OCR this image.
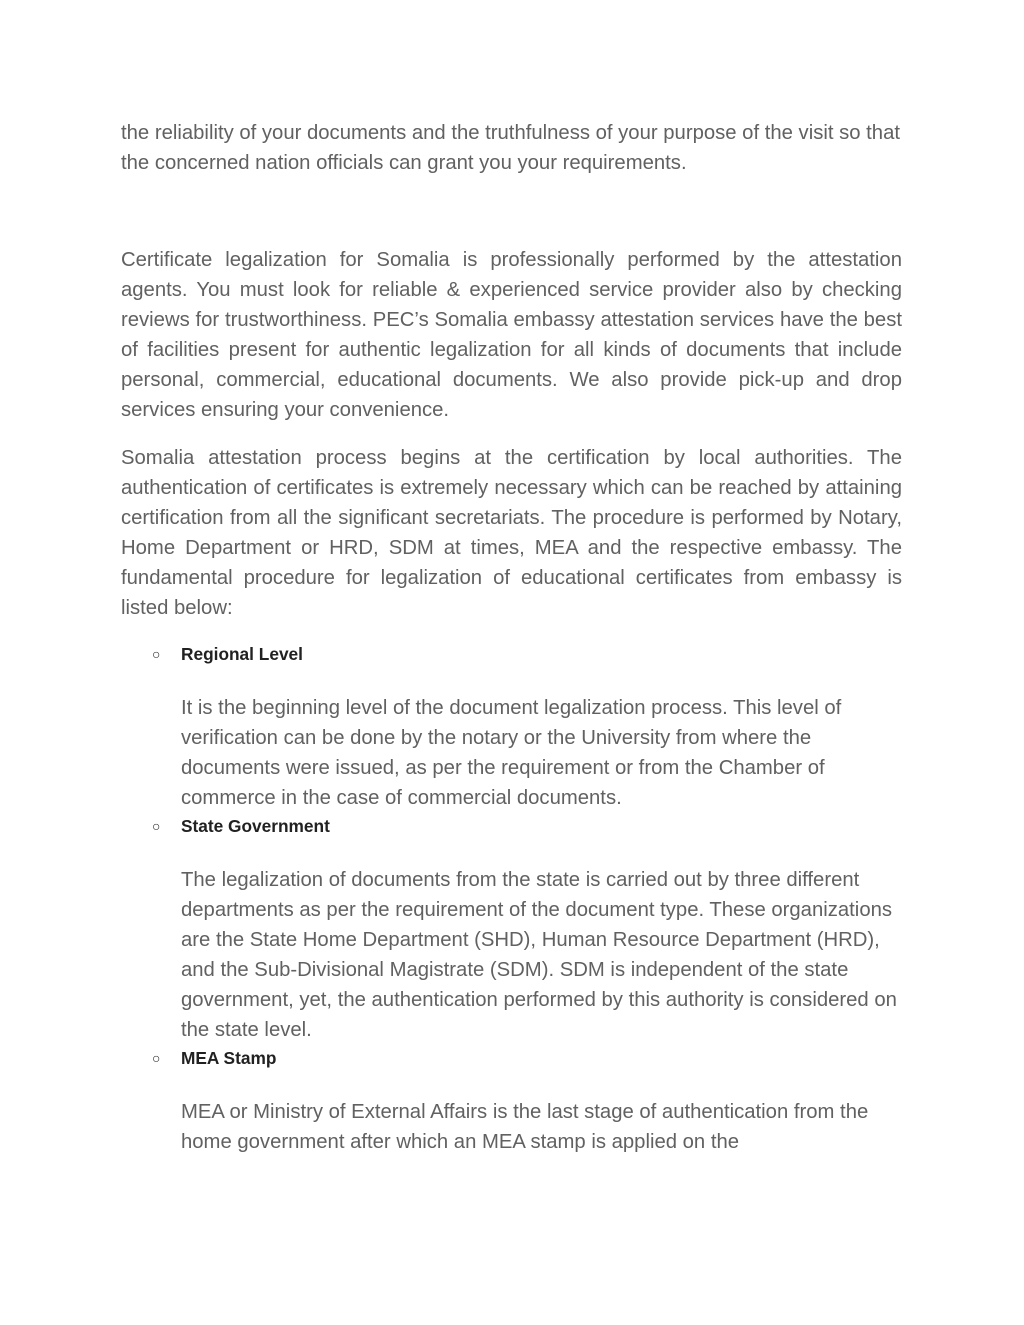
the reliability of your documents and the truthfulness of your purpose of the visit so that the concerned nation officials can grant you your requirements.

Certificate legalization for Somalia is professionally performed by the attestation agents. You must look for reliable & experienced service provider also by checking reviews for trustworthiness. PEC’s Somalia embassy attestation services have the best of facilities present for authentic legalization for all kinds of documents that include personal, commercial, educational documents. We also provide pick-up and drop services ensuring your convenience.

Somalia attestation process begins at the certification by local authorities. The authentication of certificates is extremely necessary which can be reached by attaining certification from all the significant secretariats. The procedure is performed by Notary, Home Department or HRD, SDM at times, MEA and the respective embassy. The fundamental procedure for legalization of educational certificates from embassy is listed below:

○ Regional Level

It is the beginning level of the document legalization process. This level of verification can be done by the notary or the University from where the documents were issued, as per the requirement or from the Chamber of commerce in the case of commercial documents.

○ State Government

The legalization of documents from the state is carried out by three different departments as per the requirement of the document type. These organizations are the State Home Department (SHD), Human Resource Department (HRD), and the Sub-Divisional Magistrate (SDM). SDM is independent of the state government, yet, the authentication performed by this authority is considered on the state level.

○ MEA Stamp

MEA or Ministry of External Affairs is the last stage of authentication from the home government after which an MEA stamp is applied on the
